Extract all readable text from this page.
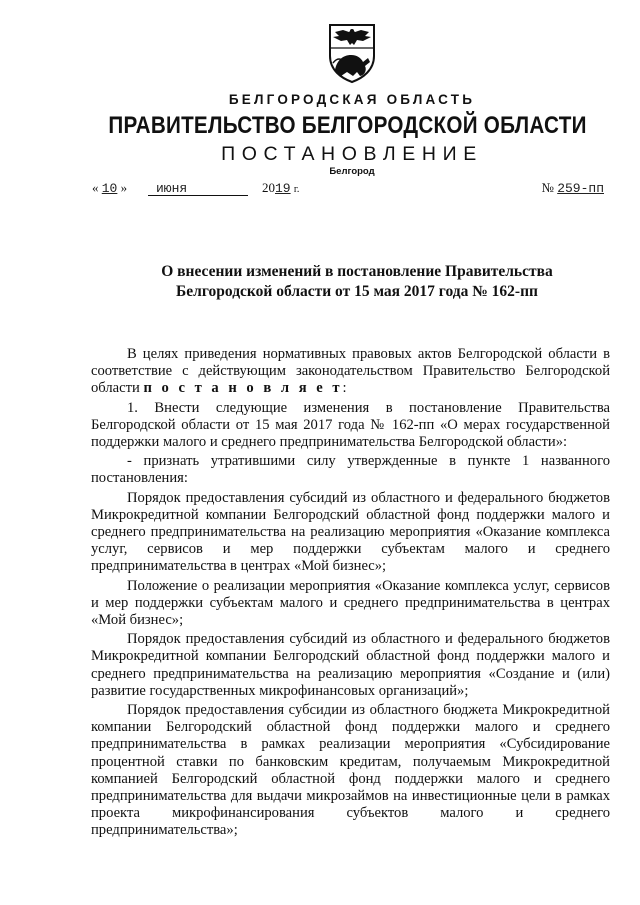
БЕЛГОРОДСКАЯ ОБЛАСТЬ
ПРАВИТЕЛЬСТВО БЕЛГОРОДСКОЙ ОБЛАСТИ
ПОСТАНОВЛЕНИЕ
Белгород
« 10 »	июня	2019 г.	№ 259-пп
О внесении изменений в постановление Правительства
Белгородской области от 15 мая 2017 года № 162-пп

В целях приведения нормативных правовых актов Белгородской области в соответствие с действующим законодательством Правительство Белгородской области п о с т а н о в л я е т:

1. Внести следующие изменения в постановление Правительства Белгородской области от 15 мая 2017 года № 162-пп «О мерах государственной поддержки малого и среднего предпринимательства Белгородской области»:

- признать утратившими силу утвержденные в пункте 1 названного постановления:

Порядок предоставления субсидий из областного и федерального бюджетов Микрокредитной компании Белгородский областной фонд поддержки малого и среднего предпринимательства на реализацию мероприятия «Оказание комплекса услуг, сервисов и мер поддержки субъектам малого и среднего предпринимательства в центрах «Мой бизнес»;

Положение о реализации мероприятия «Оказание комплекса услуг, сервисов и мер поддержки субъектам малого и среднего предпринимательства в центрах «Мой бизнес»;

Порядок предоставления субсидий из областного и федерального бюджетов Микрокредитной компании Белгородский областной фонд поддержки малого и среднего предпринимательства на реализацию мероприятия «Создание и (или) развитие государственных микрофинансовых организаций»;

Порядок предоставления субсидии из областного бюджета Микрокредитной компании Белгородский областной фонд поддержки малого и среднего предпринимательства в рамках реализации мероприятия «Субсидирование процентной ставки по банковским кредитам, получаемым Микрокредитной компанией Белгородский областной фонд поддержки малого и среднего предпринимательства для выдачи микрозаймов на инвестиционные цели в рамках проекта микрофинансирования субъектов малого и среднего предпринимательства»;
